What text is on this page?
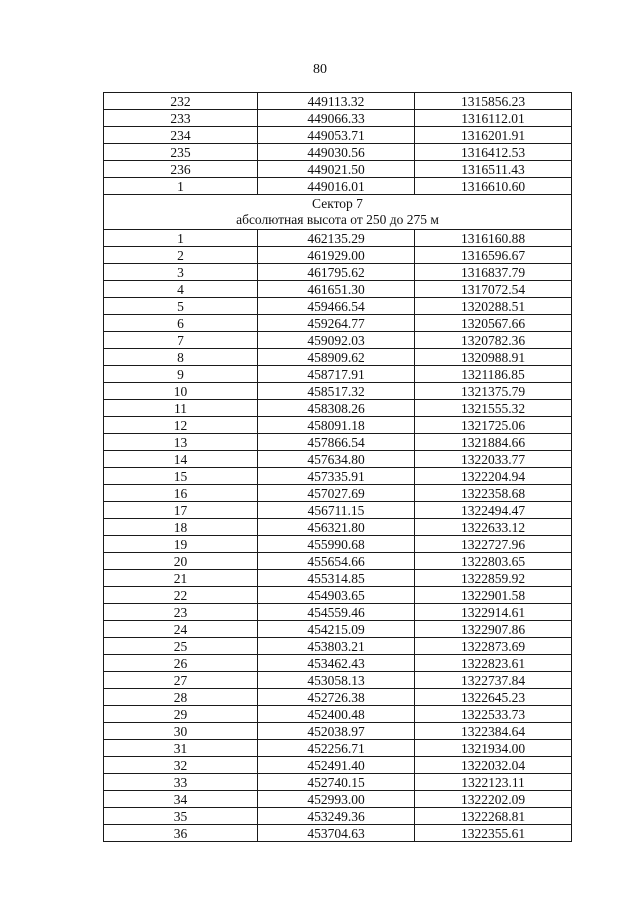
80
232	449113.32	1315856.23
233	449066.33	1316112.01
234	449053.71	1316201.91
235	449030.56	1316412.53
236	449021.50	1316511.43
1	449016.01	1316610.60

Сектор 7
абсолютная высота от 250 до 275 м		

1	462135.29	1316160.88
2	461929.00	1316596.67
3	461795.62	1316837.79
4	461651.30	1317072.54
5	459466.54	1320288.51
6	459264.77	1320567.66
7	459092.03	1320782.36
8	458909.62	1320988.91
9	458717.91	1321186.85
10	458517.32	1321375.79
11	458308.26	1321555.32
12	458091.18	1321725.06
13	457866.54	1321884.66
14	457634.80	1322033.77
15	457335.91	1322204.94
16	457027.69	1322358.68
17	456711.15	1322494.47
18	456321.80	1322633.12
19	455990.68	1322727.96
20	455654.66	1322803.65
21	455314.85	1322859.92
22	454903.65	1322901.58
23	454559.46	1322914.61
24	454215.09	1322907.86
25	453803.21	1322873.69
26	453462.43	1322823.61
27	453058.13	1322737.84
28	452726.38	1322645.23
29	452400.48	1322533.73
30	452038.97	1322384.64
31	452256.71	1321934.00
32	452491.40	1322032.04
33	452740.15	1322123.11
34	452993.00	1322202.09
35	453249.36	1322268.81
36	453704.63	1322355.61
